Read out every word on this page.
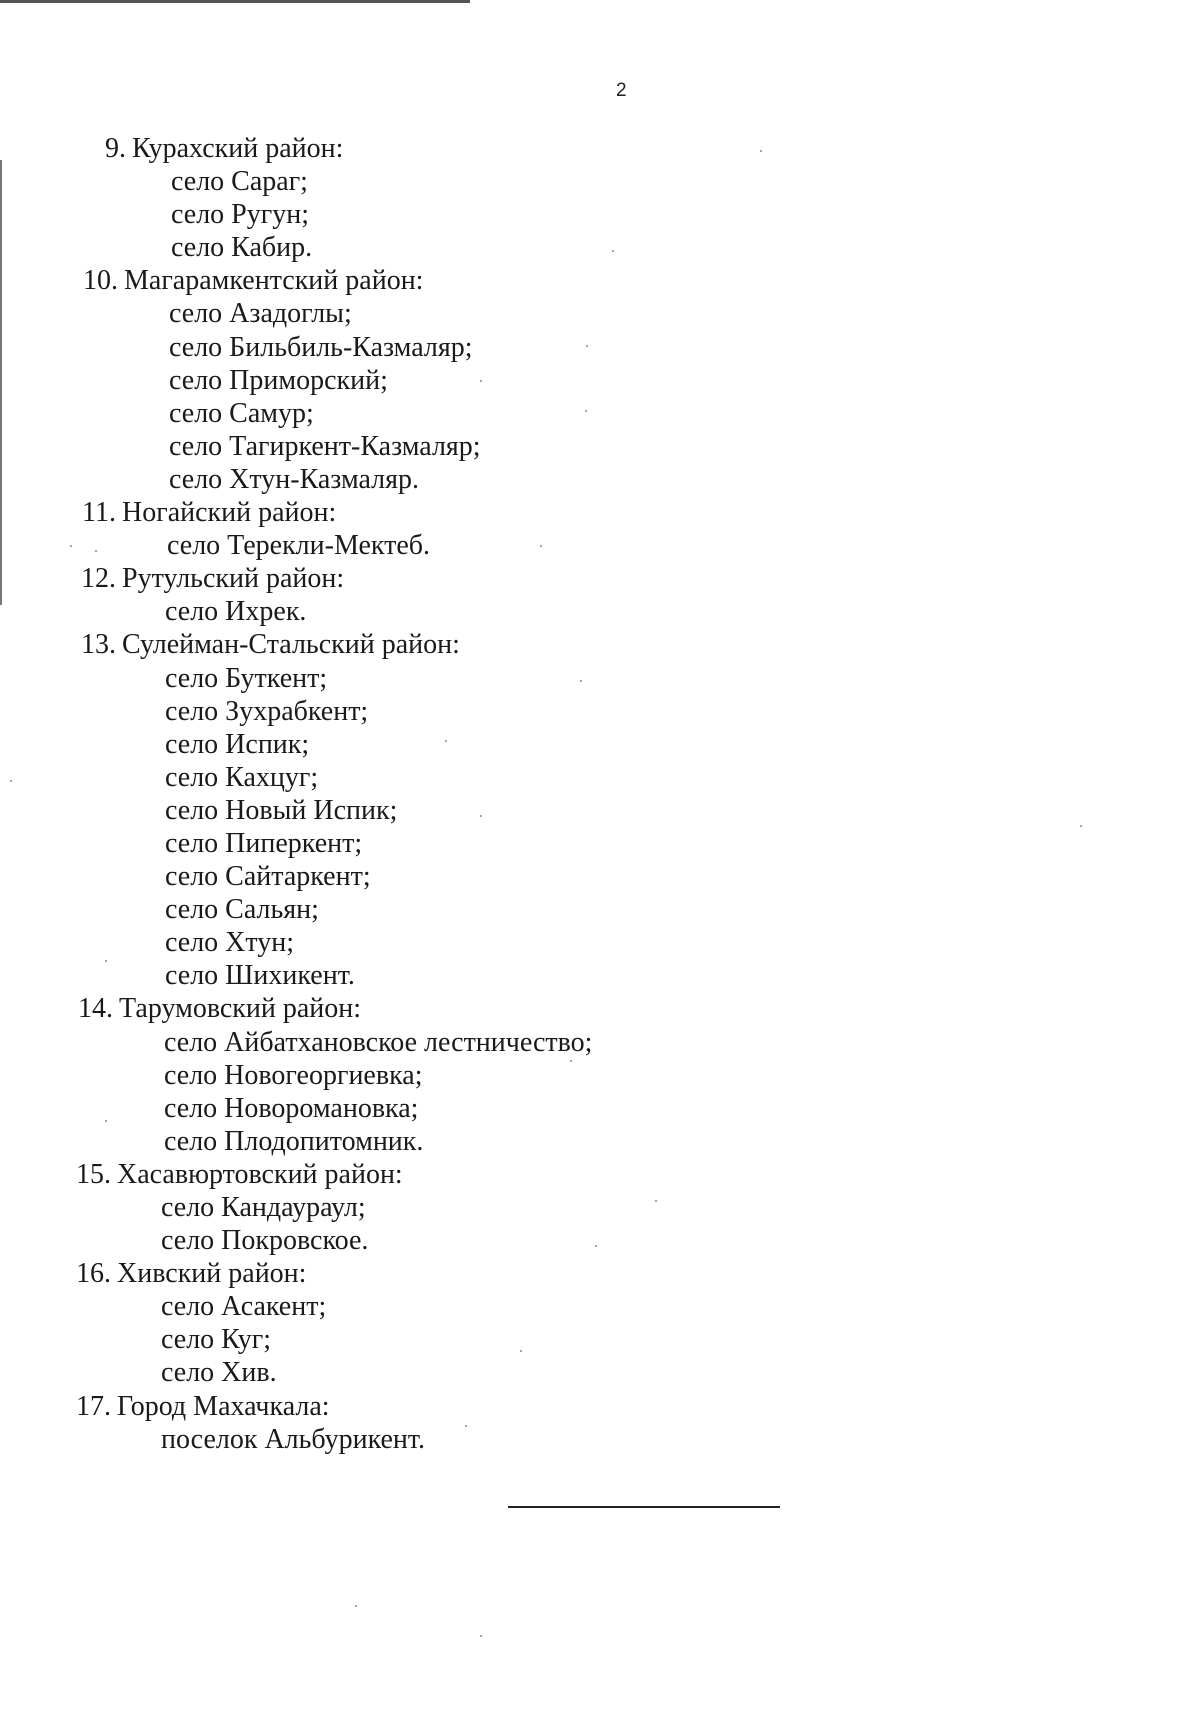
2
9. Курахский район:
село Сараг;
село Ругун;
село Кабир.
10. Магарамкентский район:
село Азадоглы;
село Бильбиль-Казмаляр;
село Приморский;
село Самур;
село Тагиркент-Казмаляр;
село Хтун-Казмаляр.
11. Ногайский район:
село Терекли-Мектеб.
12. Рутульский район:
село Ихрек.
13. Сулейман-Стальский район:
село Буткент;
село Зухрабкент;
село Испик;
село Кахцуг;
село Новый Испик;
село Пиперкент;
село Сайтаркент;
село Сальян;
село Хтун;
село Шихикент.
14. Тарумовский район:
село Айбатхановское лестничество;
село Новогеоргиевка;
село Новоромановка;
село Плодопитомник.
15. Хасавюртовский район:
село Кандаураул;
село Покровское.
16. Хивский район:
село Асакент;
село Куг;
село Хив.
17. Город Махачкала:
поселок Альбурикент.
